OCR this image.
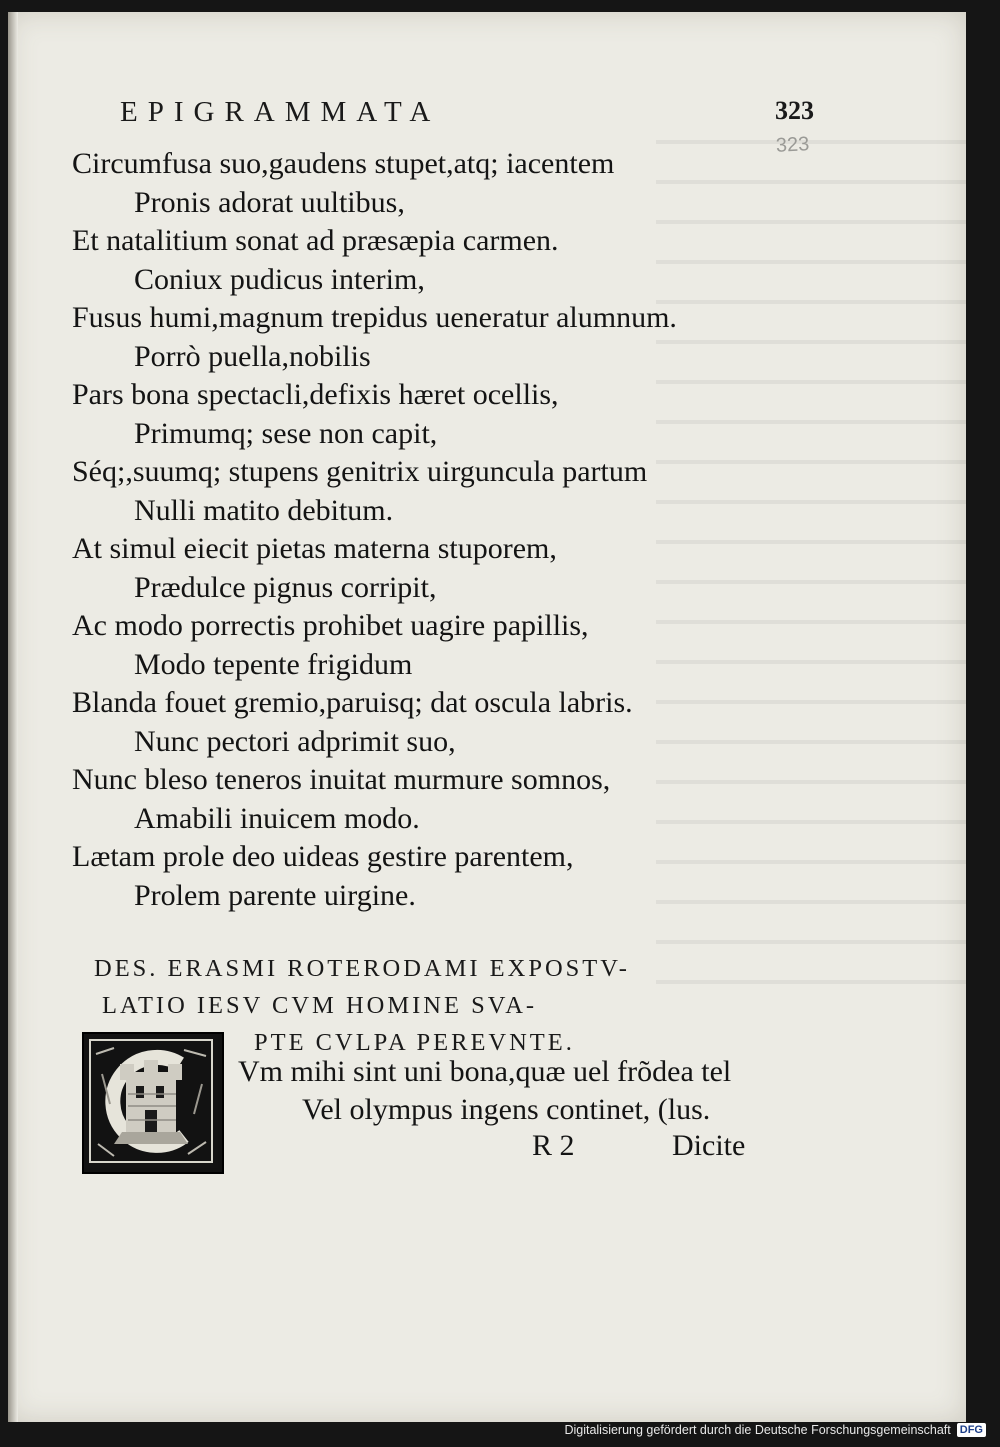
EPIGRAMMATA	323
323
Circumfusa suo,gaudens stupet,atq; iacentem
Pronis adorat uultibus,
Et natalitium sonat ad præsæpia carmen.
Coniux pudicus interim,
Fusus humi,magnum trepidus ueneratur alumnum.
Porrò puella,nobilis
Pars bona spectacli,defixis hæret ocellis,
Primumq; sese non capit,
Séq;,suumq; stupens genitrix uirguncula partum
Nulli matito debitum.
At simul eiecit pietas materna stuporem,
Prædulce pignus corripit,
Ac modo porrectis prohibet uagire papillis,
Modo tepente frigidum
Blanda fouet gremio,paruisq; dat oscula labris.
Nunc pectori adprimit suo,
Nunc bleso teneros inuitat murmure somnos,
Amabili inuicem modo.
Lætam prole deo uideas gestire parentem,
Prolem parente uirgine.
DES. ERASMI ROTERODAMI EXPOSTV-
LATIO IESV CVM HOMINE SVA-
PTE CVLPA PEREVNTE.
Vm mihi sint uni bona,quæ uel frõdea tel
Vel olympus ingens continet, (lus.
R 2	Dicite
Digitalisierung gefördert durch die Deutsche Forschungsgemeinschaft DFG
